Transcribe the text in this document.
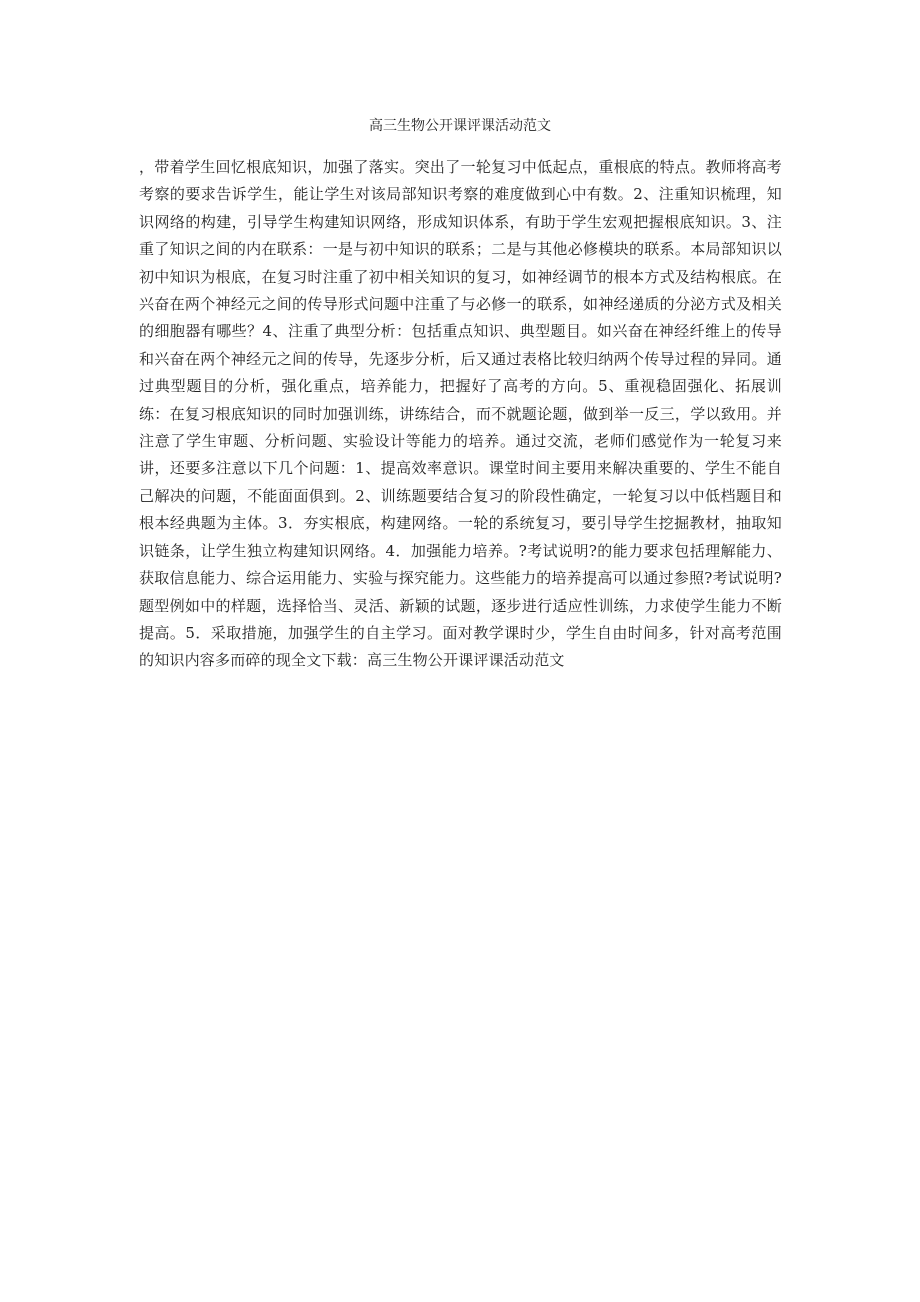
高三生物公开课评课活动范文

，带着学生回忆根底知识，加强了落实。突出了一轮复习中低起点，重根底的特点。教师将高考考察的要求告诉学生，能让学生对该局部知识考察的难度做到心中有数。2、注重知识梳理，知识网络的构建，引导学生构建知识网络，形成知识体系，有助于学生宏观把握根底知识。3、注重了知识之间的内在联系：一是与初中知识的联系；二是与其他必修模块的联系。本局部知识以初中知识为根底，在复习时注重了初中相关知识的复习，如神经调节的根本方式及结构根底。在兴奋在两个神经元之间的传导形式问题中注重了与必修一的联系，如神经递质的分泌方式及相关的细胞器有哪些？4、注重了典型分析：包括重点知识、典型题目。如兴奋在神经纤维上的传导和兴奋在两个神经元之间的传导，先逐步分析，后又通过表格比较归纳两个传导过程的异同。通过典型题目的分析，强化重点，培养能力，把握好了高考的方向。5、重视稳固强化、拓展训练：在复习根底知识的同时加强训练，讲练结合，而不就题论题，做到举一反三，学以致用。并注意了学生审题、分析问题、实验设计等能力的培养。通过交流，老师们感觉作为一轮复习来讲，还要多注意以下几个问题：1、提高效率意识。课堂时间主要用来解决重要的、学生不能自己解决的问题，不能面面俱到。2、训练题要结合复习的阶段性确定，一轮复习以中低档题目和根本经典题为主体。3．夯实根底，构建网络。一轮的系统复习，要引导学生挖掘教材，抽取知识链条，让学生独立构建知识网络。4．加强能力培养。?考试说明?的能力要求包括理解能力、获取信息能力、综合运用能力、实验与探究能力。这些能力的培养提高可以通过参照?考试说明?题型例如中的样题，选择恰当、灵活、新颖的试题，逐步进行适应性训练，力求使学生能力不断提高。5．采取措施，加强学生的自主学习。面对教学课时少，学生自由时间多，针对高考范围的知识内容多而碎的现全文下载：高三生物公开课评课活动范文
